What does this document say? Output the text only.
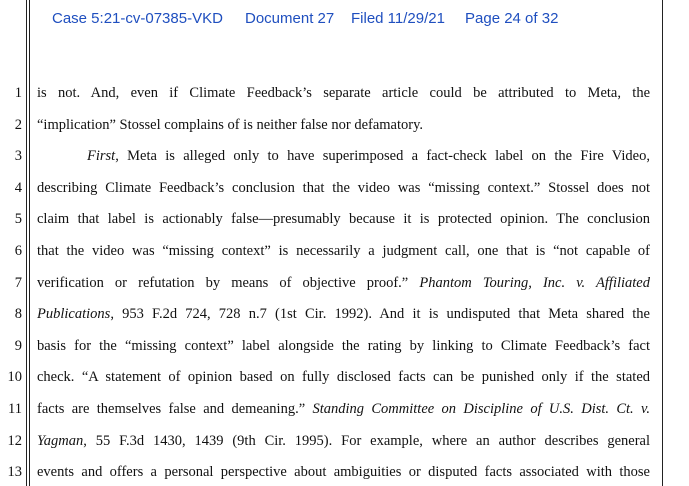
Case 5:21-cv-07385-VKD

Document 27

Filed 11/29/21

Page 24 of 32

1
2
3
4
5
6
7
8
9
10
11
12
13
is not. And, even if Climate Feedback’s separate article could be attributed to Meta, the
“implication” Stossel complains of is neither false nor defamatory.
First, Meta is alleged only to have superimposed a fact-check label on the Fire Video,
describing Climate Feedback’s conclusion that the video was “missing context.” Stossel does not
claim that label is actionably false—presumably because it is protected opinion. The conclusion
that the video was “missing context” is necessarily a judgment call, one that is “not capable of
verification or refutation by means of objective proof.” Phantom Touring, Inc. v. Affiliated
Publications, 953 F.2d 724, 728 n.7 (1st Cir. 1992). And it is undisputed that Meta shared the
basis for the “missing context” label alongside the rating by linking to Climate Feedback’s fact
check. “A statement of opinion based on fully disclosed facts can be punished only if the stated
facts are themselves false and demeaning.” Standing Committee on Discipline of U.S. Dist. Ct. v.
Yagman, 55 F.3d 1430, 1439 (9th Cir. 1995). For example, where an author describes general
events and offers a personal perspective about ambiguities or disputed facts associated with those
